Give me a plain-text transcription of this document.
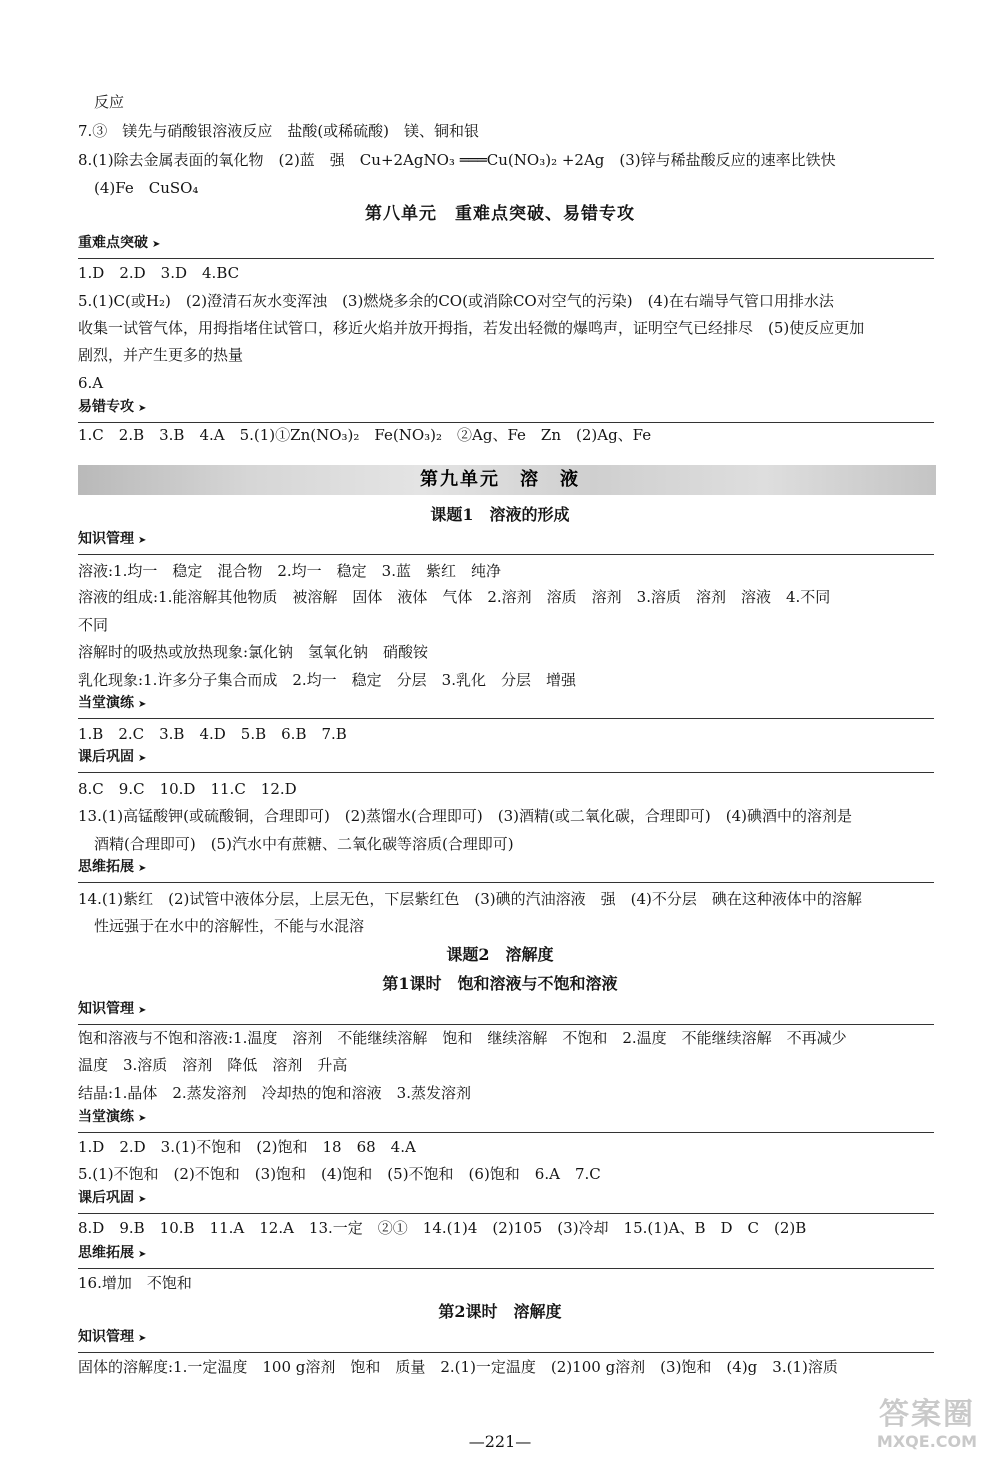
反应
7.③　镁先与硝酸银溶液反应　盐酸(或稀硫酸)　镁、铜和银
8.(1)除去金属表面的氧化物　(2)蓝　强　Cu+2AgNO₃ ═══Cu(NO₃)₂ +2Ag　(3)锌与稀盐酸反应的速率比铁快
(4)Fe　CuSO₄
第八单元　重难点突破、易错专攻
重难点突破 ➤
1.D　2.D　3.D　4.BC
5.(1)C(或H₂)　(2)澄清石灰水变浑浊　(3)燃烧多余的CO(或消除CO对空气的污染)　(4)在右端导气管口用排水法
收集一试管气体，用拇指堵住试管口，移近火焰并放开拇指，若发出轻微的爆鸣声，证明空气已经排尽　(5)使反应更加
剧烈，并产生更多的热量
6.A
易错专攻 ➤
1.C　2.B　3.B　4.A　5.(1)①Zn(NO₃)₂　Fe(NO₃)₂　②Ag、Fe　Zn　(2)Ag、Fe
第九单元　溶　液
课题1　溶液的形成
知识管理 ➤
溶液:1.均一　稳定　混合物　2.均一　稳定　3.蓝　紫红　纯净
溶液的组成:1.能溶解其他物质　被溶解　固体　液体　气体　2.溶剂　溶质　溶剂　3.溶质　溶剂　溶液　4.不同
不同
溶解时的吸热或放热现象:氯化钠　氢氧化钠　硝酸铵
乳化现象:1.许多分子集合而成　2.均一　稳定　分层　3.乳化　分层　增强
当堂演练 ➤
1.B　2.C　3.B　4.D　5.B　6.B　7.B
课后巩固 ➤
8.C　9.C　10.D　11.C　12.D
13.(1)高锰酸钾(或硫酸铜，合理即可)　(2)蒸馏水(合理即可)　(3)酒精(或二氧化碳，合理即可)　(4)碘酒中的溶剂是
酒精(合理即可)　(5)汽水中有蔗糖、二氧化碳等溶质(合理即可)
思维拓展 ➤
14.(1)紫红　(2)试管中液体分层，上层无色，下层紫红色　(3)碘的汽油溶液　强　(4)不分层　碘在这种液体中的溶解
性远强于在水中的溶解性，不能与水混溶
课题2　溶解度
第1课时　饱和溶液与不饱和溶液
知识管理 ➤
饱和溶液与不饱和溶液:1.温度　溶剂　不能继续溶解　饱和　继续溶解　不饱和　2.温度　不能继续溶解　不再减少
温度　3.溶质　溶剂　降低　溶剂　升高
结晶:1.晶体　2.蒸发溶剂　冷却热的饱和溶液　3.蒸发溶剂
当堂演练 ➤
1.D　2.D　3.(1)不饱和　(2)饱和　18　68　4.A
5.(1)不饱和　(2)不饱和　(3)饱和　(4)饱和　(5)不饱和　(6)饱和　6.A　7.C
课后巩固 ➤
8.D　9.B　10.B　11.A　12.A　13.一定　②①　14.(1)4　(2)105　(3)冷却　15.(1)A、B　D　C　(2)B
思维拓展 ➤
16.增加　不饱和
第2课时　溶解度
知识管理 ➤
固体的溶解度:1.一定温度　100 g溶剂　饱和　质量　2.(1)一定温度　(2)100 g溶剂　(3)饱和　(4)g　3.(1)溶质
—221—
答案圈
MXQE.COM
